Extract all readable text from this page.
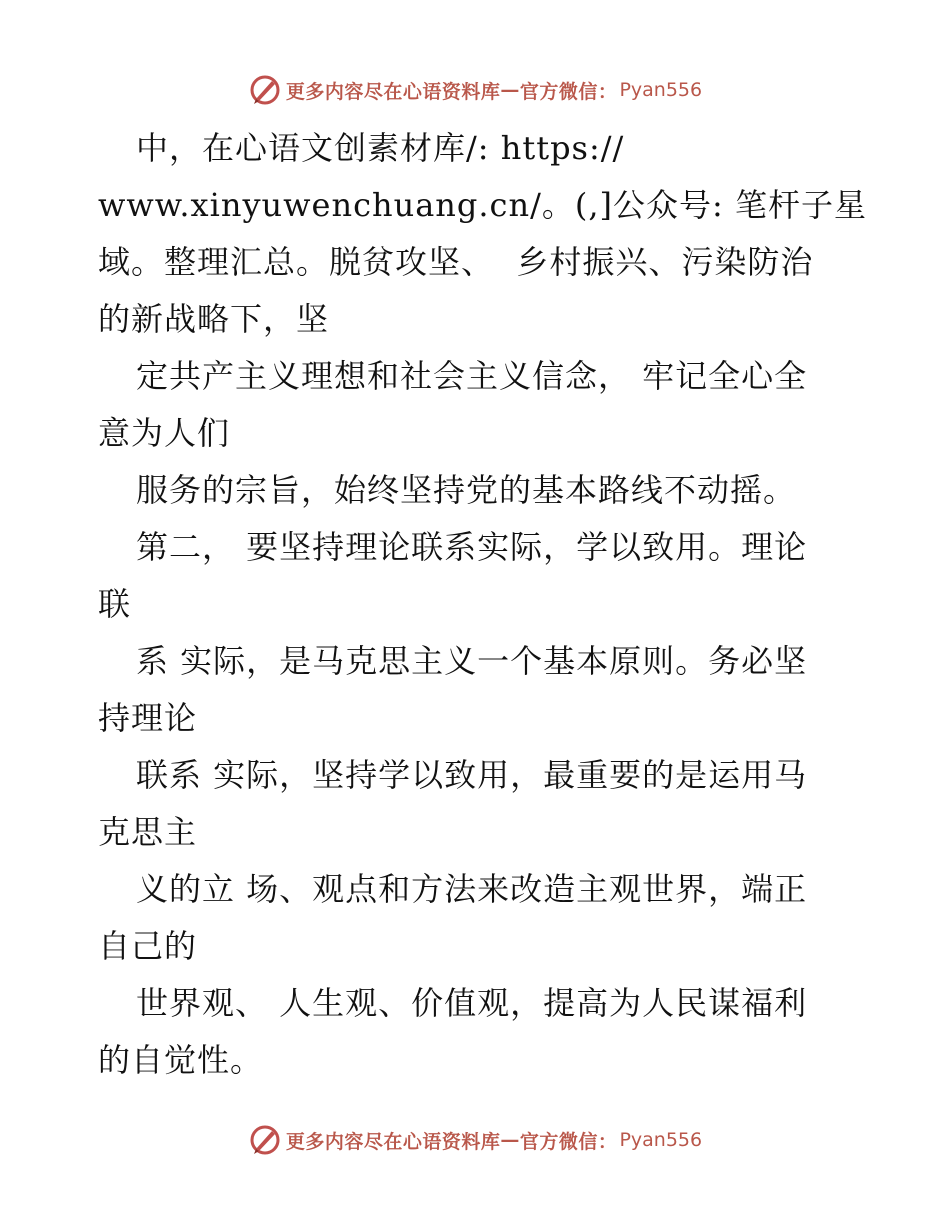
更多内容尽在心语资料库 — 官方微信： Pyan556
中，在心语文创素材库/: https://
www.xinyuwenchuang.cn/。(,]公众号: 笔杆子星
域。整理汇总。脱贫攻坚、  乡村振兴、污染防治
的新战略下，坚
定共产主义理想和社会主义信念， 牢记全心全
意为人们
服务的宗旨，始终坚持党的基本路线不动摇。
第二， 要坚持理论联系实际，学以致用。理论
联
系 实际，是马克思主义一个基本原则。务必坚
持理论
联系 实际，坚持学以致用，最重要的是运用马
克思主
义的立 场、观点和方法来改造主观世界，端正
自己的
世界观、 人生观、价值观，提高为人民谋福利
的自觉性。
更多内容尽在心语资料库 — 官方微信： Pyan556
